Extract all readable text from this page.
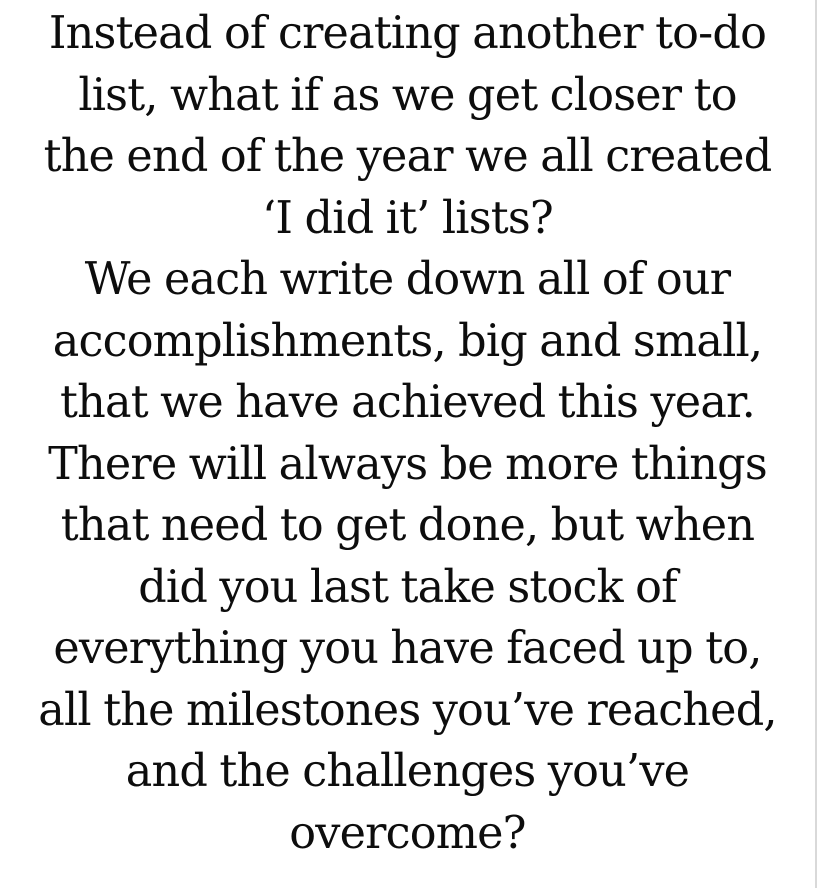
Instead of creating another to-do
list, what if as we get closer to
the end of the year we all created
‘I did it’ lists?
We each write down all of our
accomplishments, big and small,
that we have achieved this year.
There will always be more things
that need to get done, but when
did you last take stock of
everything you have faced up to,
all the milestones you’ve reached,
and the challenges you’ve
overcome?
